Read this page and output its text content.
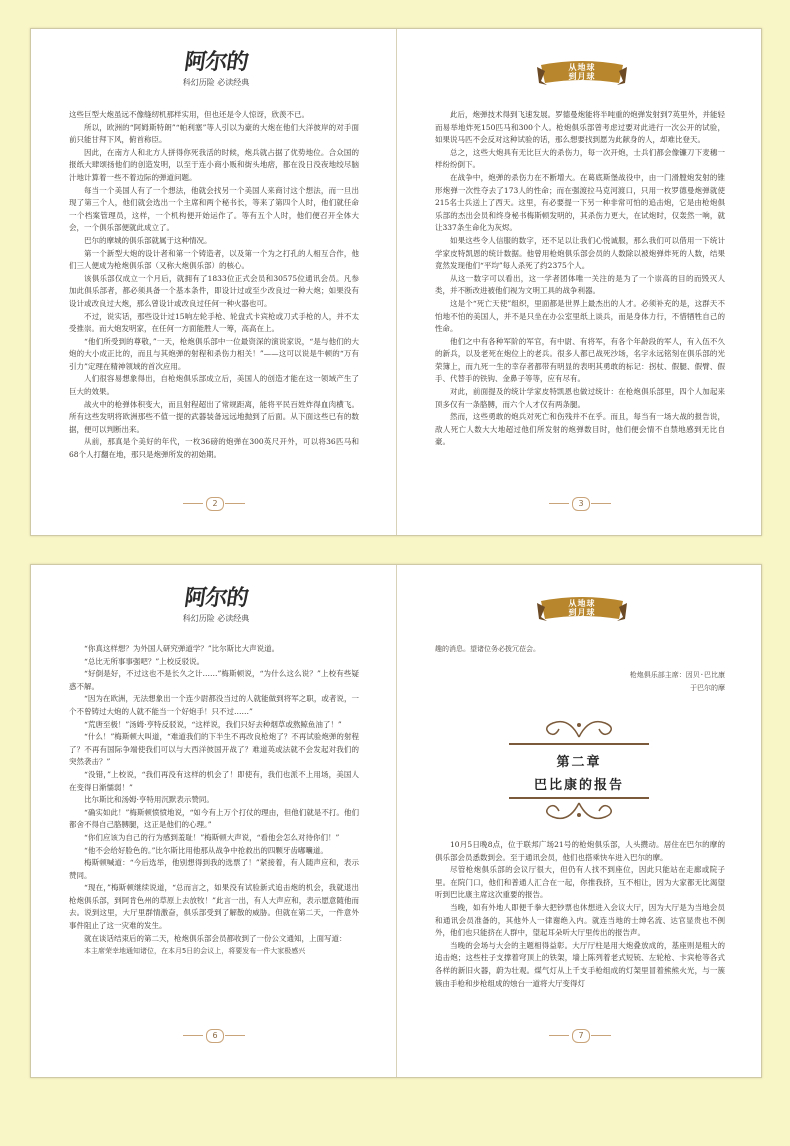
阿尔的
科幻历险 必读经典

这些巨型大炮虽远不像缝纫机那样实用，但也还是令人惊讶，欣羡不已。

所以，欧洲的“阿姆斯特朗”“帕利塞”等人引以为豪的大炮在他们大洋彼岸的对手面前只能甘拜下风，俯首称臣。

因此，在南方人和北方人拼得你死我活的时候，炮兵就占据了优势地位。合众国的报纸大肆颂扬他们的创造发明，以至于连小商小贩和街头地痞，都在没日没夜地绞尽脑汁地计算着一些不着边际的弹道问题。

每当一个美国人有了一个想法，他就会找另一个美国人来商讨这个想法，而一旦出现了第三个人，他们就会选出一个主席和两个秘书长，等来了第四个人时，他们就任命一个档案管理员，这样，一个机构便开始运作了。等有五个人时，他们便召开全体大会，一个俱乐部便就此成立了。

巴尔的摩城的俱乐部就属于这种情况。

第一个新型大炮的设计者和第一个铸造者，以及第一个为之打孔的人相互合作，他们三人便成为枪炮俱乐部（又称大炮俱乐部）的核心。

该俱乐部仅成立一个月后，就拥有了1833位正式会员和30575位通讯会员。凡参加此俱乐部者，都必须具备一个基本条件，即设计过或至少改良过一种大炮；如果没有设计或改良过大炮，那么曾设计或改良过任何一种火器也可。

不过，说实话，那些设计过15响左轮手枪、轮盘式卡宾枪或刀式手枪的人，并不太受推崇。而大炮发明家，在任何一方面能胜人一筹，高高在上。

“他们所受到的尊敬，”一天，枪炮俱乐部中一位最资深的演说家说，“是与他们的大炮的大小成正比的，而且与其炮弹的射程和杀伤力相关！”——这可以说是牛顿的“万有引力”定理在精神领域的首次应用。

人们很容易想象得出，自枪炮俱乐部成立后，美国人的创造才能在这一领域产生了巨大的效果。

战火中的枪弹体积变大，而且射程超出了常规距离，能将平民百姓炸得血肉横飞。所有这些发明将欧洲那些不值一提的武器装备远远地抛到了后面。从下面这些已有的数据，便可以判断出来。

从前，那真是个美好的年代，一枚36磅的炮弹在300英尺开外，可以将36匹马和68个人打翻在地，那只是炮弹所发的初始期。

2
从地球
到月球

此后，炮弹技术得到飞速发展。罗德曼炮能将半吨重的炮弹发射到7英里外，并能轻而易举地炸死150匹马和300个人。枪炮俱乐部曾考虑过要对此进行一次公开的试验，如果说马匹不会反对这种试验的话，那么想要找到愿为此献身的人，却难比登天。

总之，这些大炮具有无比巨大的杀伤力，每一次开炮，士兵们都会像镰刀下麦穗一样纷纷倒下。

在战争中，炮弹的杀伤力在不断增大。在葛底斯堡战役中，由一门滑膛炮发射的锥形炮弹一次性夺去了173人的性命；而在强渡拉马克河渡口，只用一枚罗德曼炮弹就使215名士兵送上了西天。这里，有必要提一下另一种非常可怕的追击炮，它是由枪炮俱乐部的杰出会员和终身秘书梅斯顿发明的，其杀伤力更大，在试炮时，仅轰然一响，就让337条生命化为灰烬。

如果这些令人信服的数字，还不足以让我们心悦诚服，那么我们可以借用一下统计学家皮特凯恩的统计数据。他曾用枪炮俱乐部会员的人数除以被炮弹炸死的人数，结果竟然发现他们“平均”每人杀死了约2375个人。

从这一数字可以看出，这一学者团体唯一关注的是为了一个崇高的目的而毁灭人类，并不断改进被他们视为文明工具的战争利器。

这是个“死亡天使”组织，里面都是世界上最杰出的人才。必须补充的是，这群天不怕地不怕的美国人，并不是只坐在办公室里纸上谈兵，而是身体力行，不惜牺牲自己的性命。

他们之中有各种军阶的军官，有中尉、有将军，有各个年龄段的军人，有入伍不久的新兵，以及老死在炮位上的老兵。很多人都已战死沙场，名字永远铭刻在俱乐部的光荣簿上，而九死一生的幸存者都带有明显的表明其勇敢的标记：拐杖、假腿、假臂、假手、代替手的铁钩、金鼻子等等，应有尽有。

对此，前面提及的统计学家皮特凯恩也做过统计：在枪炮俱乐部里，四个人加起来顶多仅有一条胳膊，而六个人才仅有两条腿。

然而，这些勇敢的炮兵对死亡和伤残并不在乎。而且，每当有一场大战的报告说，敌人死亡人数大大地超过他们所发射的炮弹数目时，他们便会情不自禁地感到无比自豪。

3
阿尔的
科幻历险 必读经典

“你真这样想？为外国人研究弹道学？”比尔斯比大声说道。

“总比无所事事强吧？”上校反驳说。

“好倒是好，不过这也不是长久之计……”梅斯顿说，“为什么这么说？”上校有些疑惑不解。

“因为在欧洲，无法想象出一个连少尉都没当过的人就能做到将军之职，或者说，一个不曾铸过大炮的人就不能当一个好炮手！只不过……”

“荒唐至极！”汤姆·亨特反驳说，“这样说，我们只好去种烟草或熬鲸鱼油了！”

“什么！”梅斯顿大叫道，“难道我们的下半生不再改良枪炮了？不再试验炮弹的射程了？不再有国际争端使我们可以与大西洋彼国开战了？难道英或法就不会发起对我们的突然袭击？”

“没错，”上校说，“我们再没有这样的机会了！即使有，我们也派不上用场，美国人在变得日渐懦弱！”

比尔斯比和汤姆·亨特用沉默表示赞同。

“确实如此！”梅斯顿愤愤地说，“如今有上万个打仗的理由，但他们就是不打。他们都舍不得自己胳膊腿，这正是他们的心理。”

“你们应该为自己的行为感到羞耻！”梅斯顿大声说，“看他会怎么对待你们！”

“他不会给好脸色的。”比尔斯比用他那从战争中抢救出的四颗牙齿嘟囔道。

梅斯顿喊道：“今后选举，他别想得到我的选票了！”紧接着，有人随声应和，表示赞同。

“现在，”梅斯顿继续说道，“总而言之，如果没有试验新式追击炮的机会，我就退出枪炮俱乐部，到阿肯色州的草原上去放牧！”此言一出，有人大声应和，表示愿意随他而去。说到这里，大厅里群情激奋，俱乐部受到了解散的威胁。但就在第二天，一件意外事件阻止了这一灾难的发生。

就在谈话结束后的第二天，枪炮俱乐部会员都收到了一份公文通知，上面写道：

本主席荣幸地通知诸位，在本月5日的会议上，将要发布一件大家极感兴

6
从地球
到月球
趣的消息。望诸位务必拨冗莅会。
枪炮俱乐部主席：因贝·巴比康
于巴尔的摩
第二章
巴比康的报告

10月5日晚8点，位于联邦广场21号的枪炮俱乐部，人头攒动。居住在巴尔的摩的俱乐部会员悉数到会。至于通讯会员，他们也搭乘快车进入巴尔的摩。

尽管枪炮俱乐部的会议厅很大，但仍有人找不到座位，因此只能站在走廊或院子里。在院门口，他们和普通人汇合在一起，你推我挤，互不相让，因为大家都无比渴望听到巴比康主席这次重要的报告。

当晚，如有外地人即便千拳大把钞票也休想进入会议大厅，因为大厅是为当地会员和通讯会员准备的，其他外人一律谢绝入内。就连当地的士绅名流、达官显贵也不例外，他们也只能挤在人群中，望起耳朵听大厅里传出的报告声。

当晚的会场与大会的主题相得益彰。大厅厅柱是用大炮叠放成的，基座则是粗大的追击炮；这些柱子支撑着穹顶上的铁架，墙上陈列着老式短铳、左轮枪、卡宾枪等各式各样的新旧火器，蔚为壮观。煤气灯从上千支手枪组成的灯架里冒着熊熊火光，与一簇簇由手枪和步枪组成的烛台一道将大厅变得灯

7
